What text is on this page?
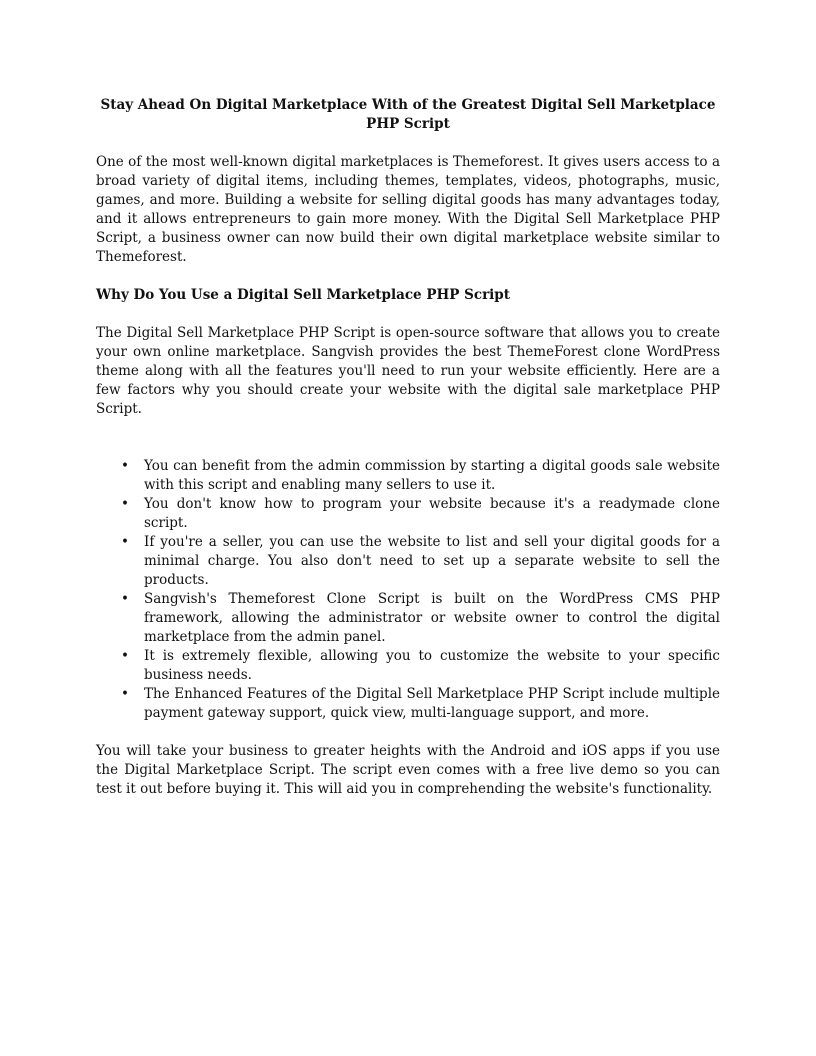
Stay Ahead On Digital Marketplace With of the Greatest Digital Sell Marketplace PHP Script

One of the most well-known digital marketplaces is Themeforest. It gives users access to a broad variety of digital items, including themes, templates, videos, photographs, music, games, and more. Building a website for selling digital goods has many advantages today, and it allows entrepreneurs to gain more money. With the Digital Sell Marketplace PHP Script, a business owner can now build their own digital marketplace website similar to Themeforest.

Why Do You Use a Digital Sell Marketplace PHP Script

The Digital Sell Marketplace PHP Script is open-source software that allows you to create your own online marketplace. Sangvish provides the best ThemeForest clone WordPress theme along with all the features you'll need to run your website efficiently. Here are a few factors why you should create your website with the digital sale marketplace PHP Script.

• You can benefit from the admin commission by starting a digital goods sale website with this script and enabling many sellers to use it.
• You don't know how to program your website because it's a readymade clone script.
• If you're a seller, you can use the website to list and sell your digital goods for a minimal charge. You also don't need to set up a separate website to sell the products.
• Sangvish's Themeforest Clone Script is built on the WordPress CMS PHP framework, allowing the administrator or website owner to control the digital marketplace from the admin panel.
• It is extremely flexible, allowing you to customize the website to your specific business needs.
• The Enhanced Features of the Digital Sell Marketplace PHP Script include multiple payment gateway support, quick view, multi-language support, and more.

You will take your business to greater heights with the Android and iOS apps if you use the Digital Marketplace Script. The script even comes with a free live demo so you can test it out before buying it. This will aid you in comprehending the website's functionality.
